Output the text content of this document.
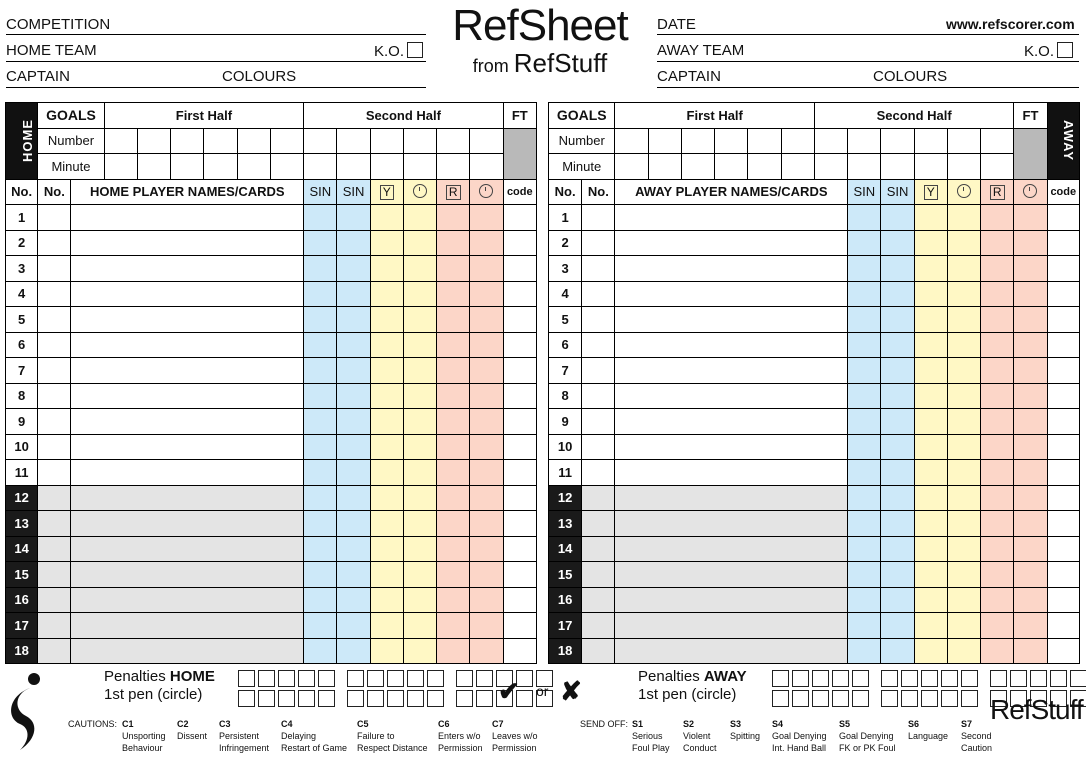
COMPETITION
HOME TEAM	K.O.
CAPTAIN	COLOURS
RefSheet
from RefStuff
DATE	www.refscorer.com
AWAY TEAM	K.O.
CAPTAIN	COLOURS
HOME	GOALS		First Half						Second Half						FT
	Number														
	Minute														
No.	No.	HOME PLAYER NAMES/CARDS							SIN	SIN	Y		R		code
1															
2															
3															
4															
5															
6															
7															
8															
9															
10															
11															
12															
13															
14															
15															
16															
17															
18															
GOALS		First Half						Second Half						FT	AWAY
Number															
Minute															
No.	No.	AWAY PLAYER NAMES/CARDS							SIN	SIN	Y		R		code
1															
2															
3															
4															
5															
6															
7															
8															
9															
10															
11															
12															
13															
14															
15															
16															
17															
18															
Penalties HOME
1st pen (circle)	✔ or ✘	Penalties AWAY
1st pen (circle)
CAUTIONS: C1
Unsporting
Behaviour
C2
Dissent
C3
Persistent
Infringement
C4
Delaying
Restart of Game
C5
Failure to
Respect Distance
C6
Enters w/o
Permission
C7
Leaves w/o
Permission
SEND OFF: S1
Serious
Foul Play
S2
Violent
Conduct
S3
Spitting
S4
Goal Denying
Int. Hand Ball
S5
Goal Denying
FK or PK Foul
S6
Language
S7
Second
Caution
RefStuff
